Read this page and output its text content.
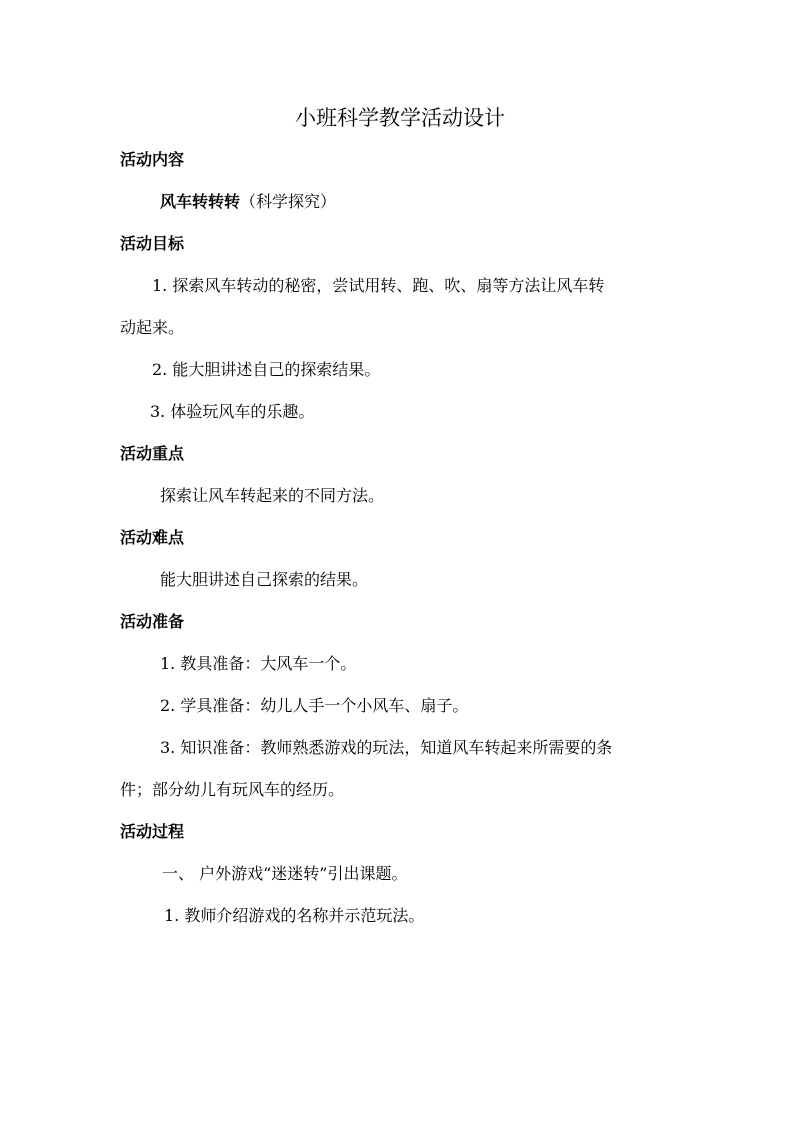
小班科学教学活动设计
活动内容
风车转转转（科学探究）
活动目标
1. 探索风车转动的秘密，尝试用转、跑、吹、扇等方法让风车转
动起来。
2. 能大胆讲述自己的探索结果。
3. 体验玩风车的乐趣。
活动重点
探索让风车转起来的不同方法。
活动难点
能大胆讲述自己探索的结果。
活动准备
1. 教具准备：大风车一个。
2. 学具准备：幼儿人手一个小风车、扇子。
3. 知识准备：教师熟悉游戏的玩法，知道风车转起来所需要的条
件；部分幼儿有玩风车的经历。
活动过程
一、 户外游戏“迷迷转”引出课题。
1. 教师介绍游戏的名称并示范玩法。
